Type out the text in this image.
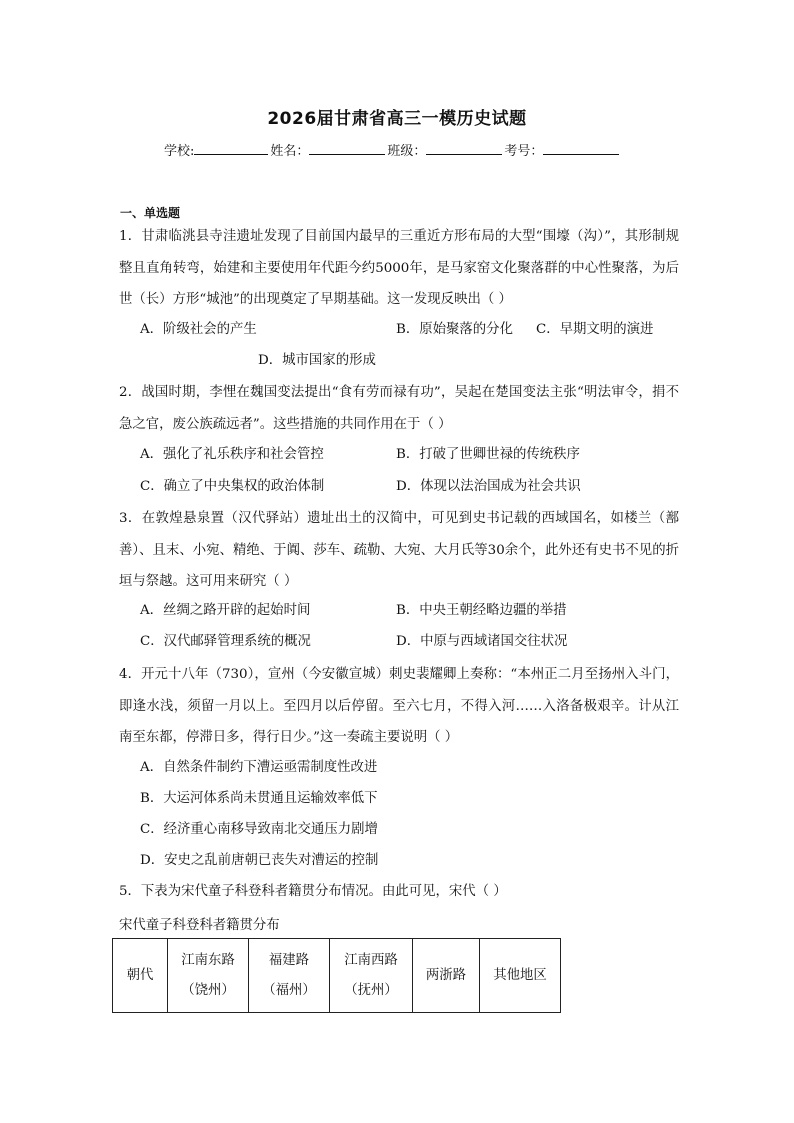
2026届甘肃省高三一模历史试题
学校:	姓名：	班级：	考号：
一、单选题
1．甘肃临洮县寺洼遗址发现了目前国内最早的三重近方形布局的大型“围壕（沟）”，其形制规整且直角转弯，始建和主要使用年代距今约5000年，是马家窑文化聚落群的中心性聚落，为后世（长）方形“城池”的出现奠定了早期基础。这一发现反映出（ ）
A．阶级社会的产生	B．原始聚落的分化 C．早期文明的演进
D．城市国家的形成
2．战国时期，李悝在魏国变法提出“食有劳而禄有功”，吴起在楚国变法主张“明法审令，捐不急之官，废公族疏远者”。这些措施的共同作用在于（ ）
A．强化了礼乐秩序和社会管控	B．打破了世卿世禄的传统秩序
C．确立了中央集权的政治体制	D．体现以法治国成为社会共识
3．在敦煌悬泉置（汉代驿站）遗址出土的汉简中，可见到史书记载的西域国名，如楼兰（鄯善）、且末、小宛、精绝、于阗、莎车、疏勒、大宛、大月氏等30余个，此外还有史书不见的折垣与祭越。这可用来研究（ ）
A．丝绸之路开辟的起始时间	B．中央王朝经略边疆的举措
C．汉代邮驿管理系统的概况	D．中原与西域诸国交往状况
4．开元十八年（730），宣州（今安徽宣城）刺史裴耀卿上奏称：“本州正二月至扬州入斗门，即逢水浅，须留一月以上。至四月以后停留。至六七月，不得入河……入洛备极艰辛。计从江南至东都，停滞日多，得行日少。”这一奏疏主要说明（ ）
A．自然条件制约下漕运亟需制度性改进
B．大运河体系尚未贯通且运输效率低下
C．经济重心南移导致南北交通压力剧增
D．安史之乱前唐朝已丧失对漕运的控制
5．下表为宋代童子科登科者籍贯分布情况。由此可见，宋代（ ）
宋代童子科登科者籍贯分布
朝代

江南东路
（饶州）

福建路
（福州）

江南西路
（抚州）

两浙路	其他地区
